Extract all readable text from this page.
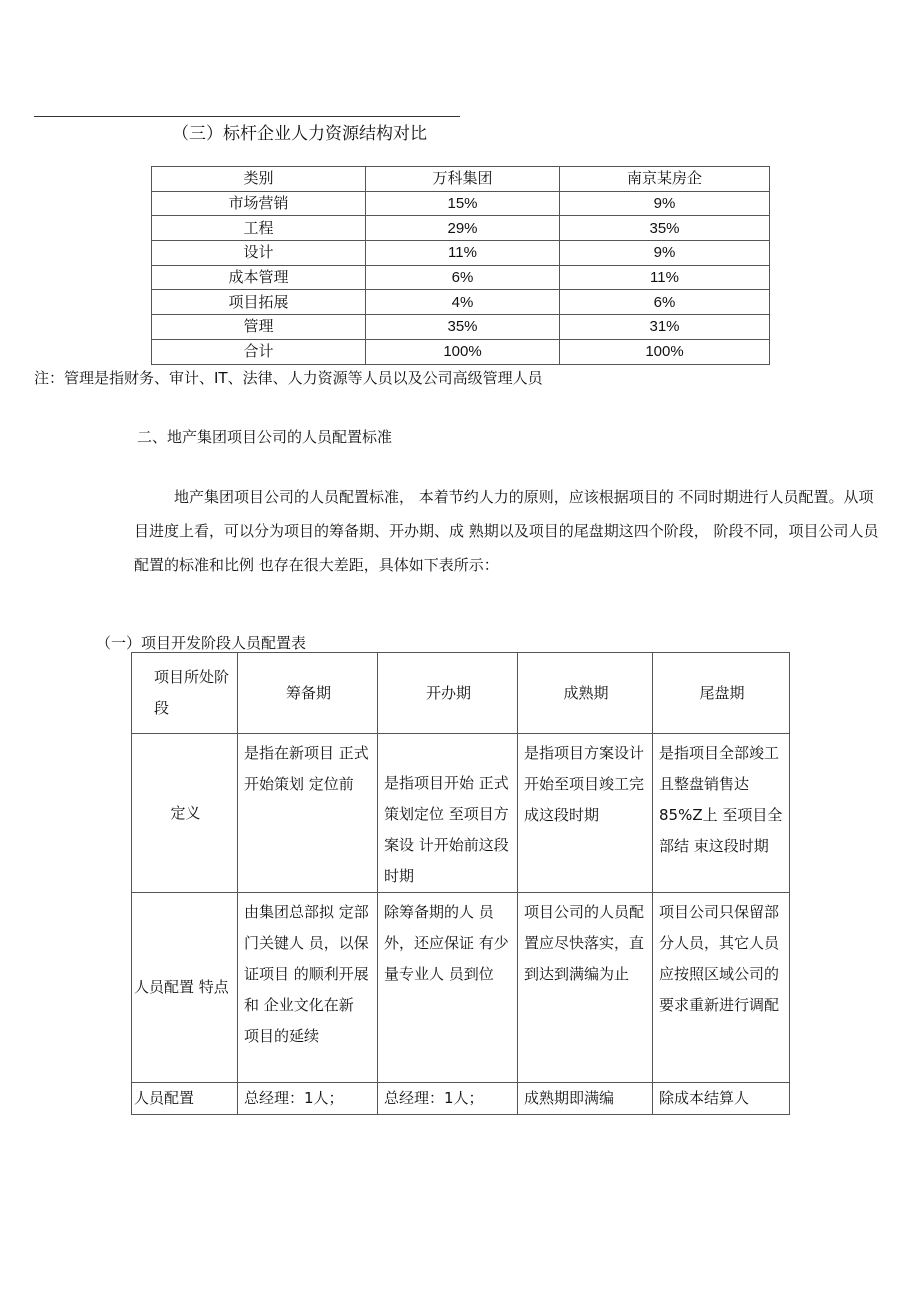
（三）标杆企业人力资源结构对比
类别	万科集团	南京某房企
市场营销	15%	9%
工程	29%	35%
设计	11%	9%
成本管理	6%	11%
项目拓展	4%	6%
管理	35%	31%
合计	100%	100%
注：管理是指财务、审计、IT、法律、人力资源等人员以及公司高级管理人员
二、地产集团项目公司的人员配置标准
地产集团项目公司的人员配置标准， 本着节约人力的原则，应该根据项目的 不同时期进行人员配置。从项目进度上看，可以分为项目的筹备期、开办期、成 熟期以及项目的尾盘期这四个阶段， 阶段不同，项目公司人员配置的标准和比例 也存在很大差距，具体如下表所示：
（一）项目开发阶段人员配置表
项目所处阶段	筹备期	开办期	成熟期	尾盘期
定义	是指在新项目 正式开始策划 定位前	是指项目开始 正式策划定位 至项目方案设 计开始前这段 时期	是指项目方案设计开始至项目竣工完成这段时期	是指项目全部竣工且整盘销售达85%Z上 至项目全部结 束这段时期
人员配置 特点	由集团总部拟 定部门关键人 员，以保证项目 的顺利开展和 企业文化在新 项目的延续	除筹备期的人 员外，还应保证 有少量专业人 员到位	项目公司的人员配置应尽快落实，直到达到满编为止	项目公司只保留部分人员，其它人员应按照区域公司的要求重新进行调配
人员配置	总经理：1人；	总经理：1人；	成熟期即满编	除成本结算人
